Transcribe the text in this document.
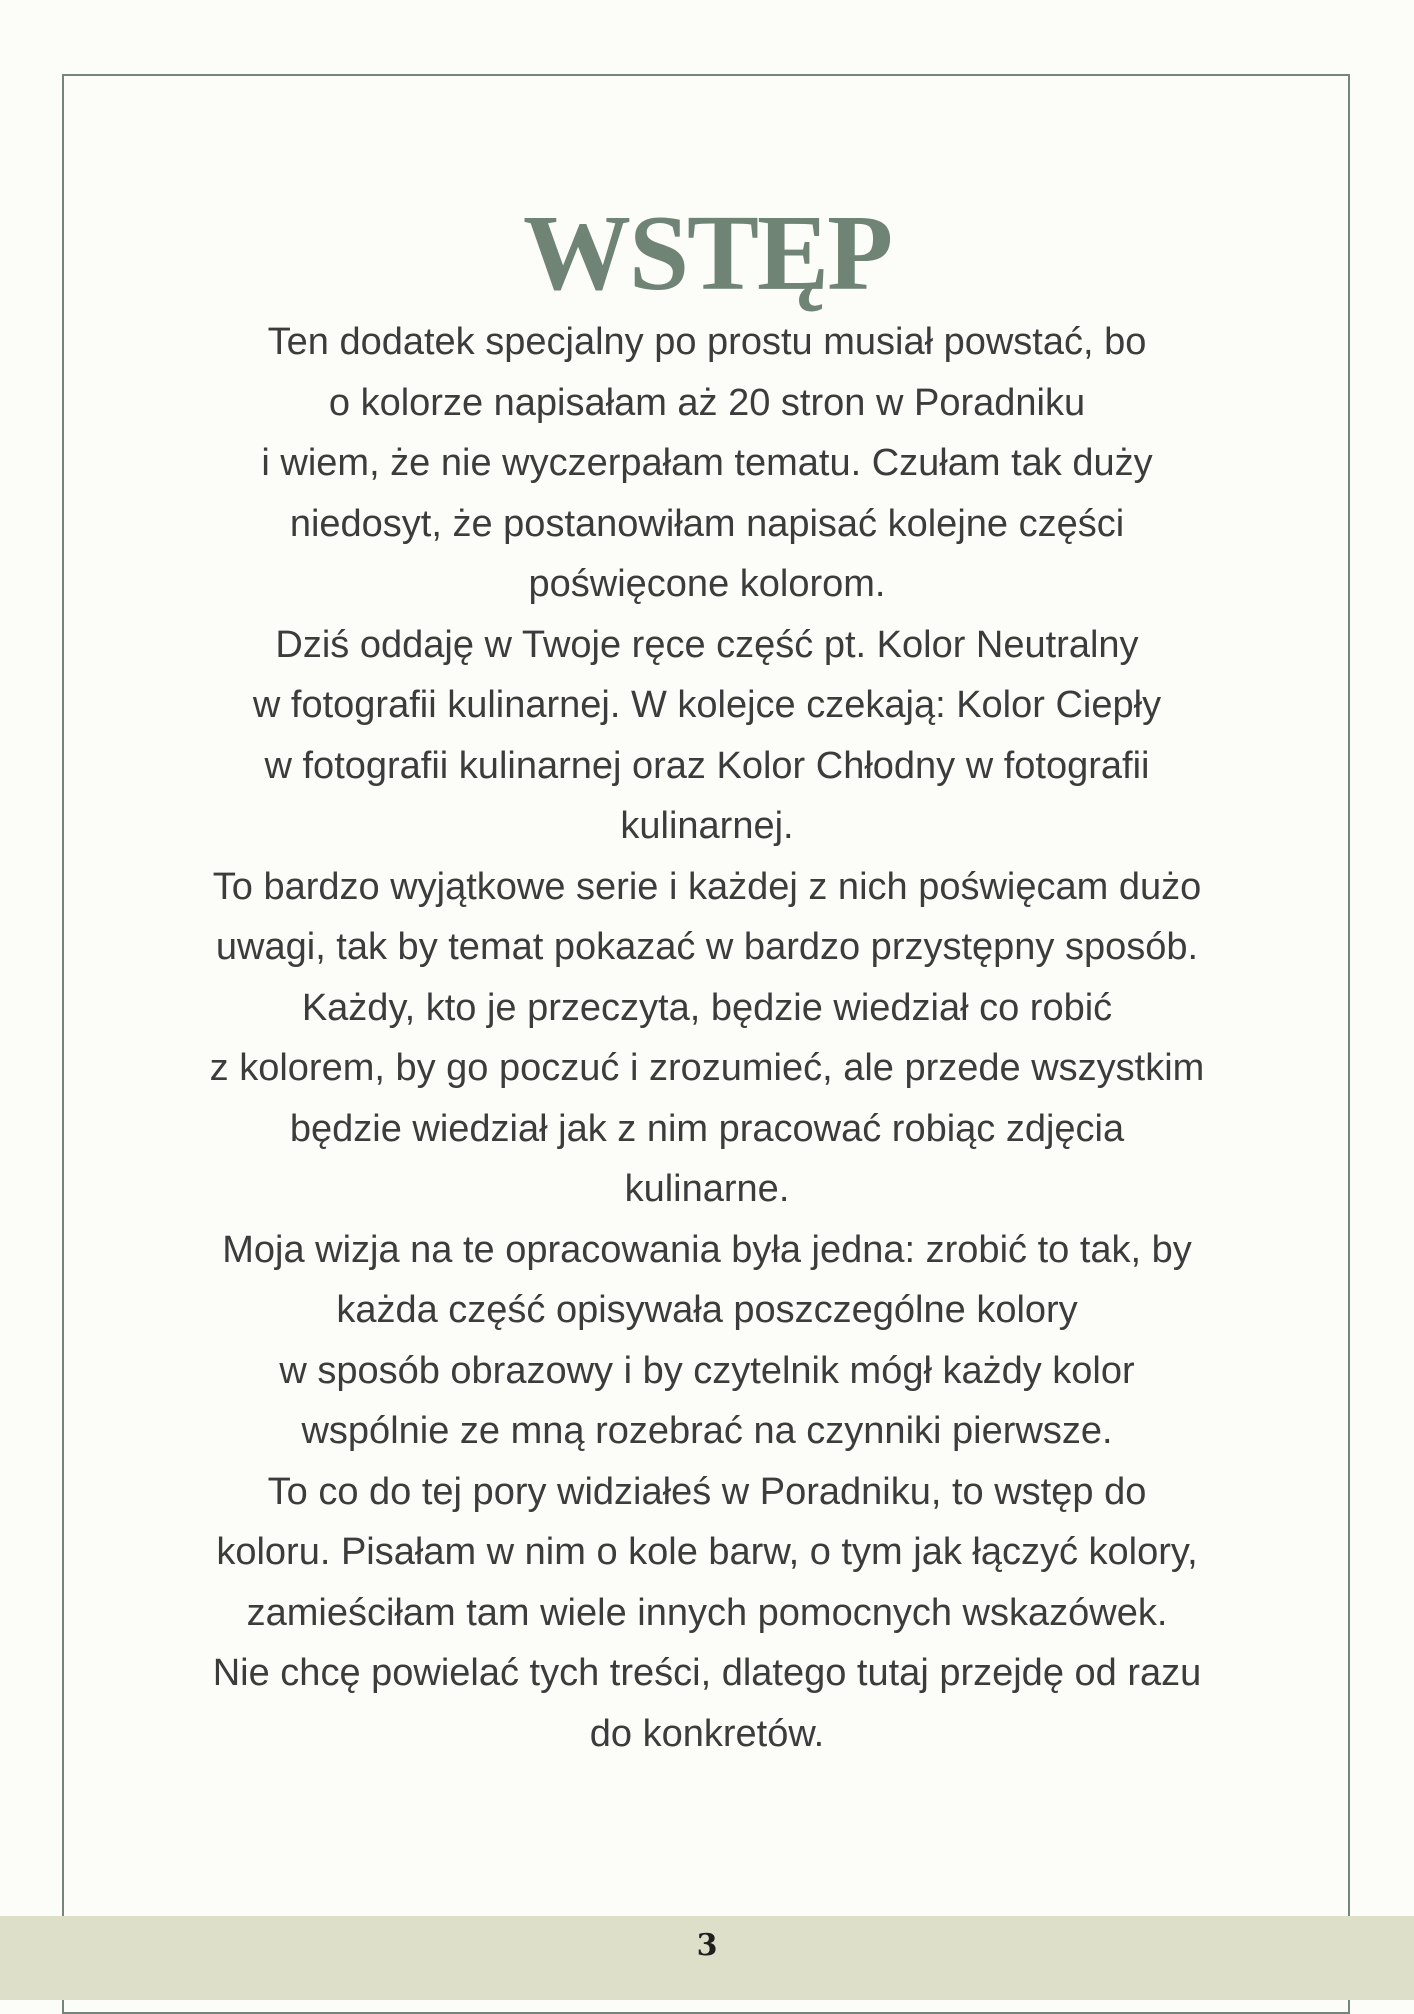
WSTĘP
Ten dodatek specjalny po prostu musiał powstać, bo
o kolorze napisałam aż 20 stron w Poradniku
i wiem, że nie wyczerpałam tematu. Czułam tak duży
niedosyt, że postanowiłam napisać kolejne części
poświęcone kolorom.
Dziś oddaję w Twoje ręce część pt. Kolor Neutralny
w fotografii kulinarnej. W kolejce czekają: Kolor Ciepły
w fotografii kulinarnej oraz Kolor Chłodny w fotografii
kulinarnej.
To bardzo wyjątkowe serie i każdej z nich poświęcam dużo
uwagi, tak by temat pokazać w bardzo przystępny sposób.
Każdy, kto je przeczyta, będzie wiedział co robić
z kolorem, by go poczuć i zrozumieć, ale przede wszystkim
będzie wiedział jak z nim pracować robiąc zdjęcia
kulinarne.
Moja wizja na te opracowania była jedna: zrobić to tak, by
każda część opisywała poszczególne kolory
w sposób obrazowy i by czytelnik mógł każdy kolor
wspólnie ze mną rozebrać na czynniki pierwsze.
To co do tej pory widziałeś w Poradniku, to wstęp do
koloru. Pisałam w nim o kole barw, o tym jak łączyć kolory,
zamieściłam tam wiele innych pomocnych wskazówek.
Nie chcę powielać tych treści, dlatego tutaj przejdę od razu
do konkretów.
3
